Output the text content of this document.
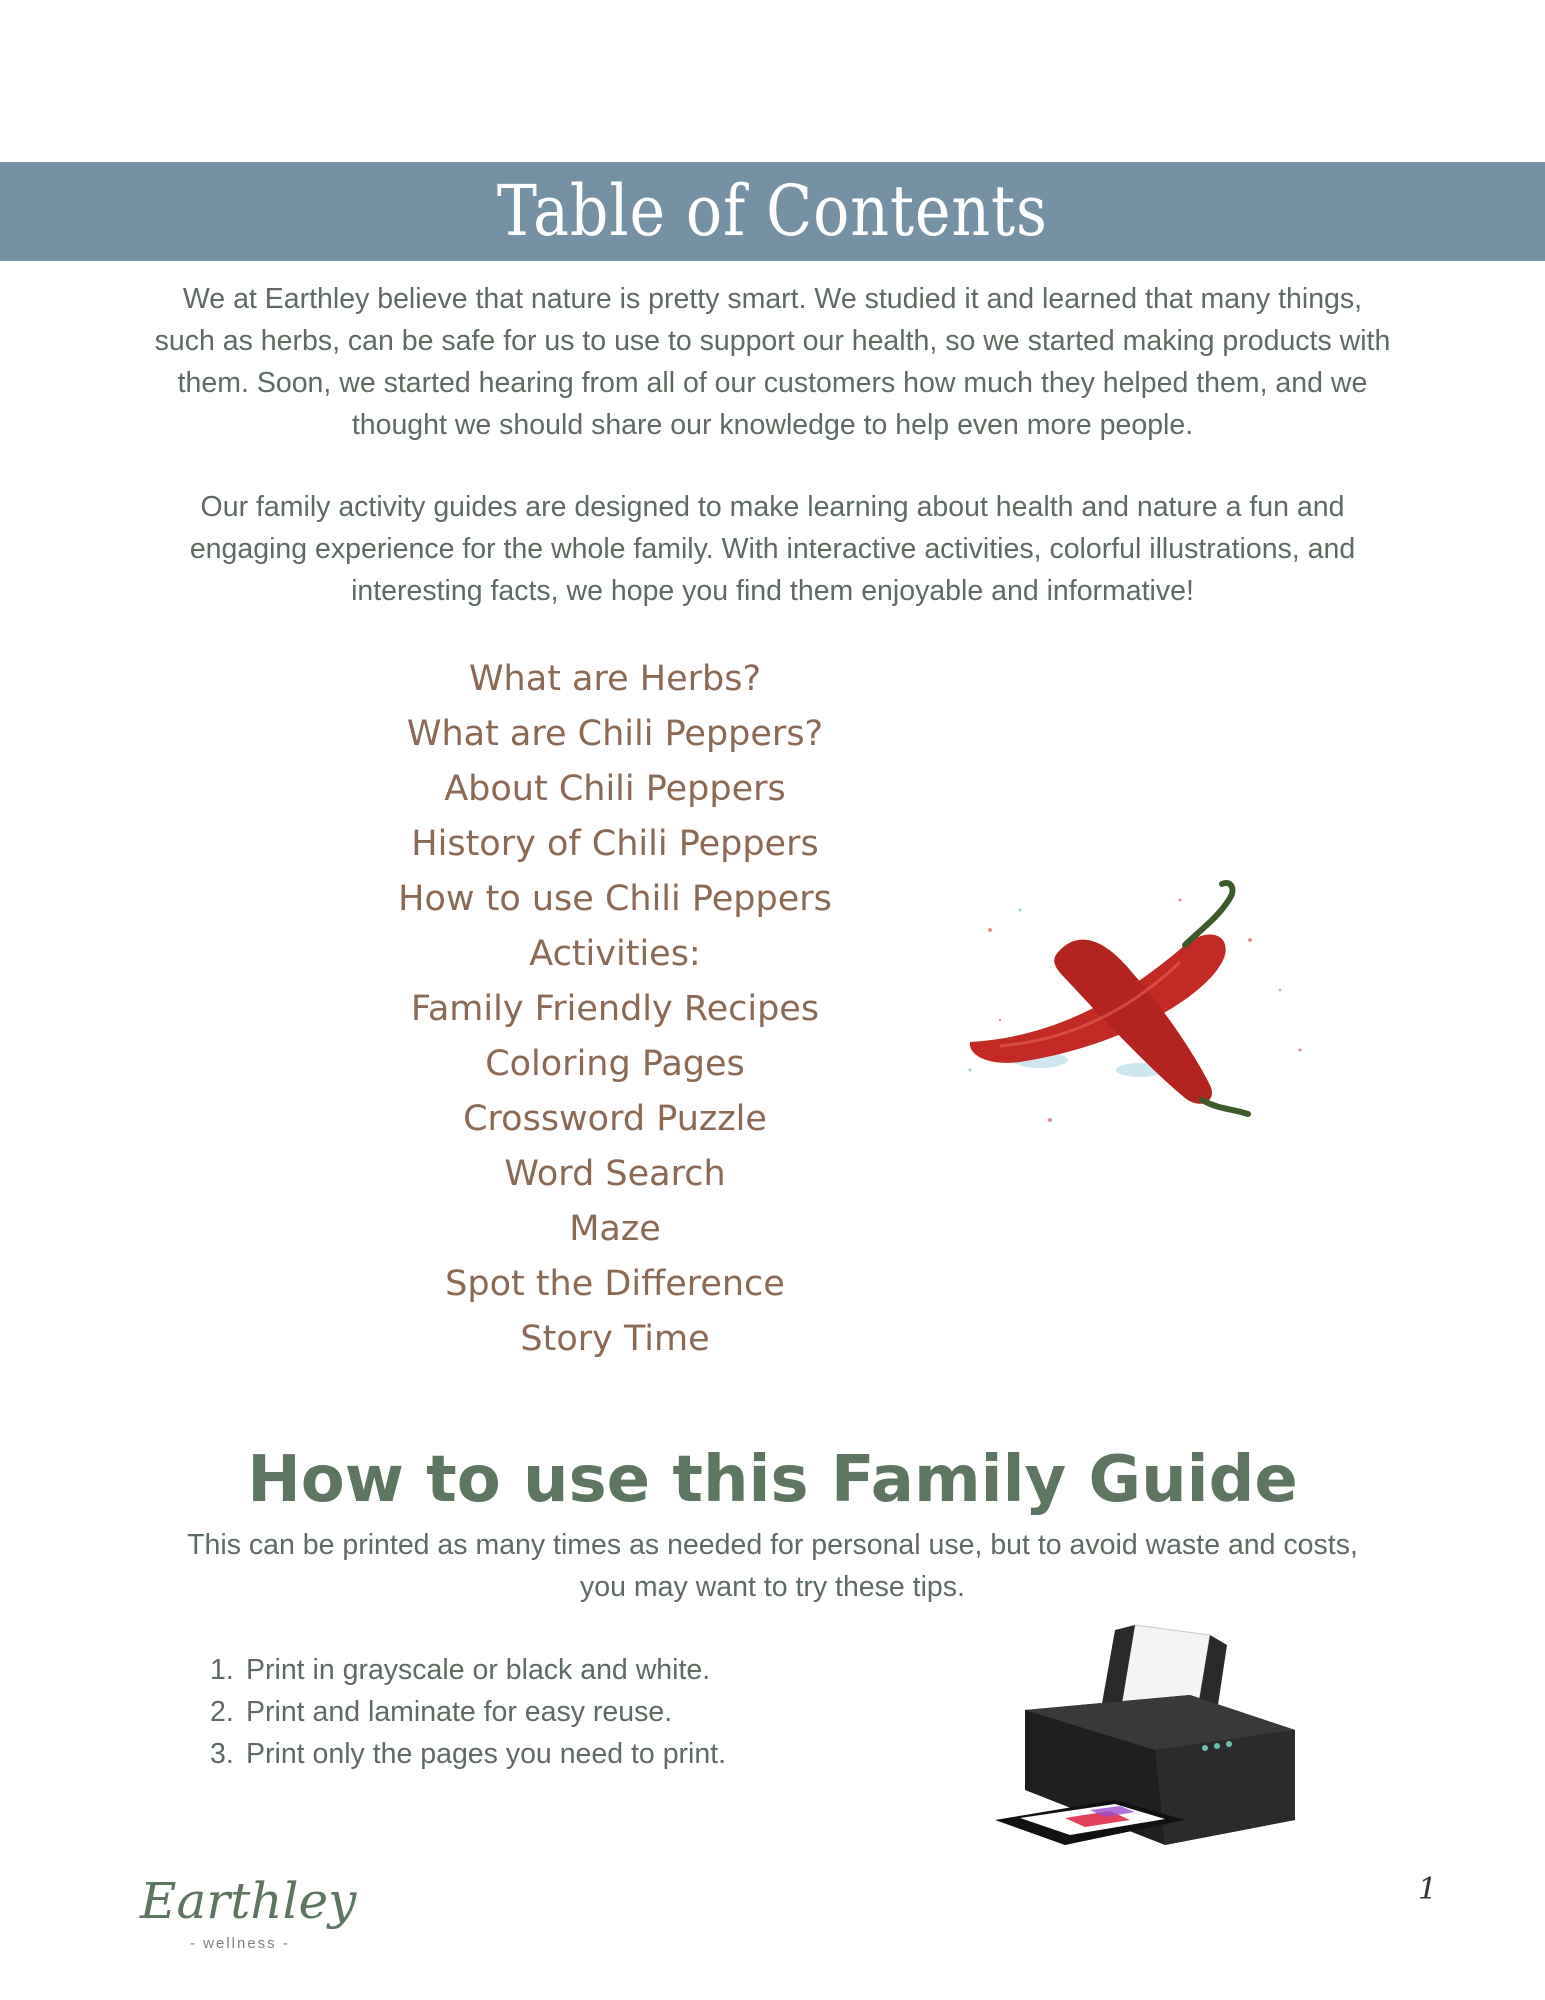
Table of Contents

We at Earthley believe that nature is pretty smart. We studied it and learned that many things, such as herbs, can be safe for us to use to support our health, so we started making products with them. Soon, we started hearing from all of our customers how much they helped them, and we thought we should share our knowledge to help even more people.

Our family activity guides are designed to make learning about health and nature a fun and engaging experience for the whole family. With interactive activities, colorful illustrations, and interesting facts, we hope you find them enjoyable and informative!

What are Herbs?
What are Chili Peppers?
About Chili Peppers
History of Chili Peppers
How to use Chili Peppers
Activities:
Family Friendly Recipes
Coloring Pages
Crossword Puzzle
Word Search
Maze
Spot the Difference
Story Time
How to use this Family Guide

This can be printed as many times as needed for personal use, but to avoid waste and costs, you may want to try these tips.

1. Print in grayscale or black and white.
2. Print and laminate for easy reuse.
3. Print only the pages you need to print.
Earthley
- wellness -
1
